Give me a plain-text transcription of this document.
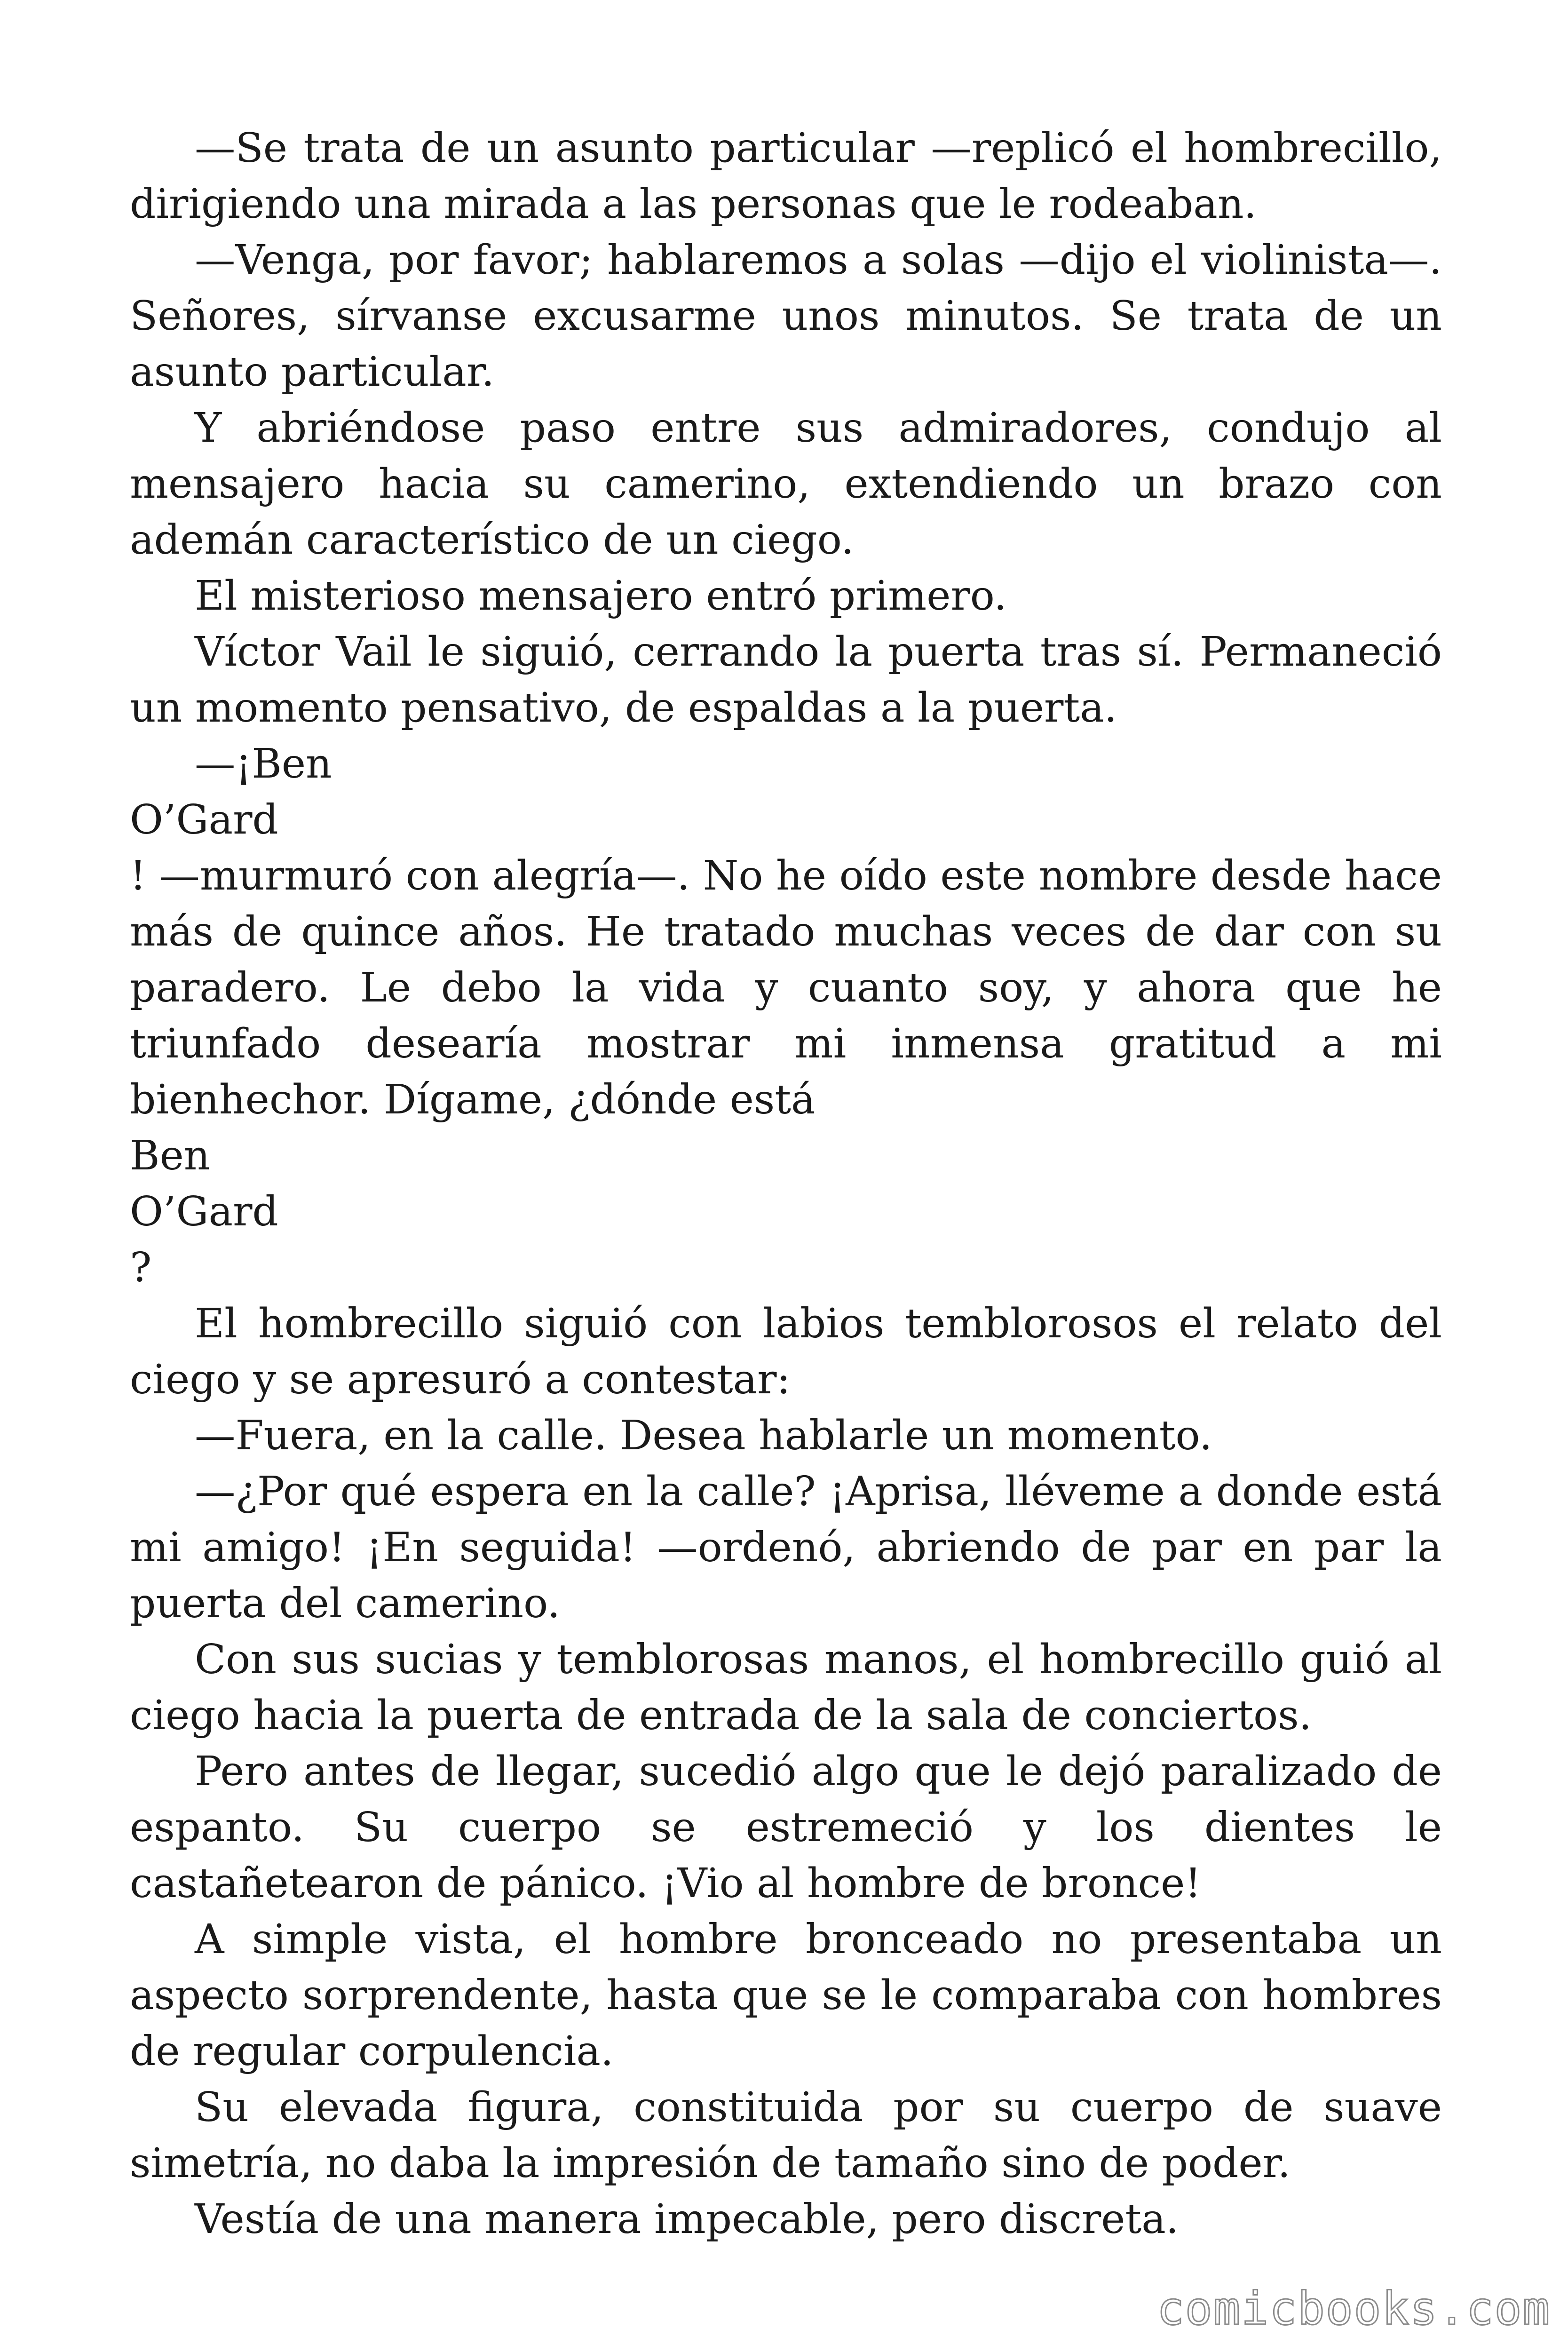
—Se trata de un asunto particular —replicó el hombrecillo, dirigiendo una mirada a las personas que le rodeaban.

—Venga, por favor; hablaremos a solas —dijo el violinista—. Señores, sírvanse excusarme unos minutos. Se trata de un asunto particular.

Y abriéndose paso entre sus admiradores, condujo al mensajero hacia su camerino, extendiendo un brazo con ademán característico de un ciego.

El misterioso mensajero entró primero.

Víctor Vail le siguió, cerrando la puerta tras sí. Permaneció un momento pensativo, de espaldas a la puerta.

—¡Ben

O’Gard

! —murmuró con alegría—. No he oído este nombre desde hace más de quince años. He tratado muchas veces de dar con su paradero. Le debo la vida y cuanto soy, y ahora que he triunfado desearía mostrar mi inmensa gratitud a mi bienhechor. Dígame, ¿dónde está

Ben

O’Gard

?

El hombrecillo siguió con labios temblorosos el relato del ciego y se apresuró a contestar:

—Fuera, en la calle. Desea hablarle un momento.

—¿Por qué espera en la calle? ¡Aprisa, lléveme a donde está mi amigo! ¡En seguida! —ordenó, abriendo de par en par la puerta del camerino.

Con sus sucias y temblorosas manos, el hombrecillo guió al ciego hacia la puerta de entrada de la sala de conciertos.

Pero antes de llegar, sucedió algo que le dejó paralizado de espanto. Su cuerpo se estremeció y los dientes le castañetearon de pánico. ¡Vio al hombre de bronce!

A simple vista, el hombre bronceado no presentaba un aspecto sorprendente, hasta que se le comparaba con hombres de regular corpulencia.

Su elevada figura, constituida por su cuerpo de suave simetría, no daba la impresión de tamaño sino de poder.

Vestía de una manera impecable, pero discreta.

comicbooks.com
